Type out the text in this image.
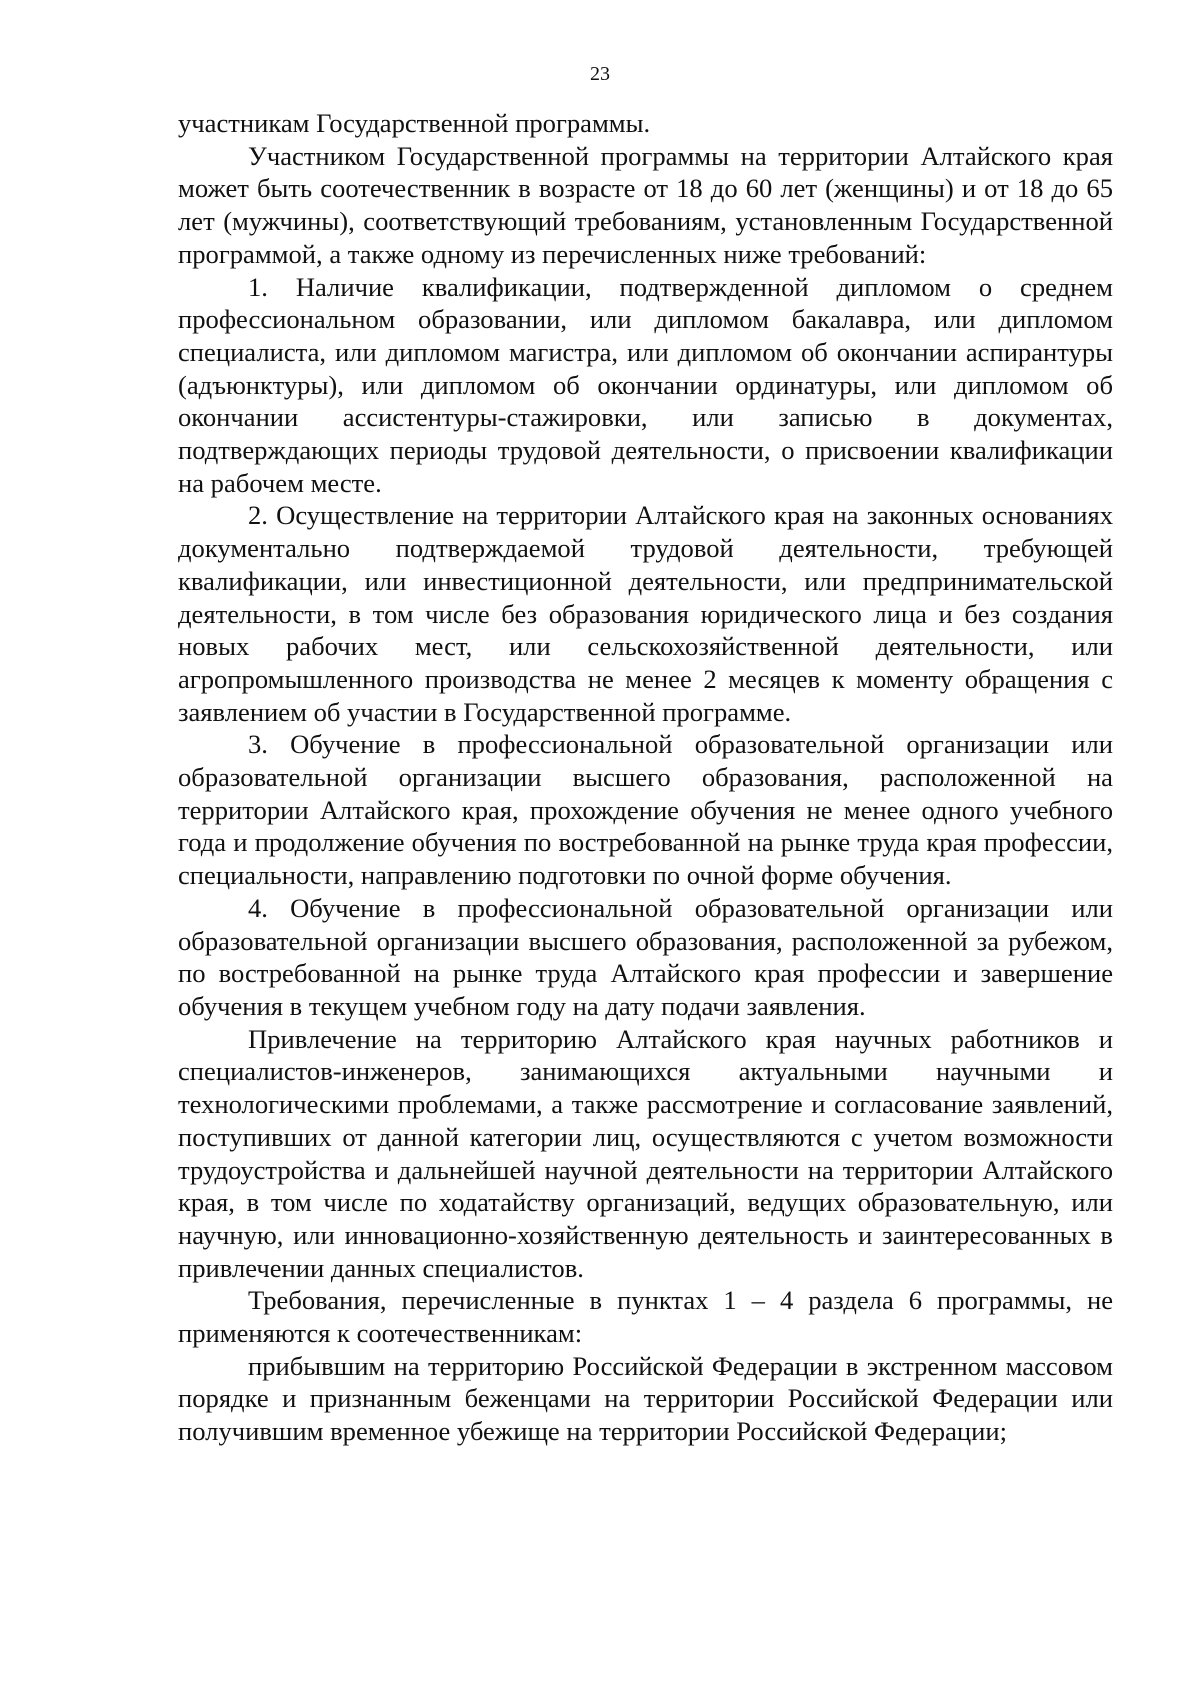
23

участникам Государственной программы.

Участником Государственной программы на территории Алтайского края может быть соотечественник в возрасте от 18 до 60 лет (женщины) и от 18 до 65 лет (мужчины), соответствующий требованиям, установленным Государственной программой, а также одному из перечисленных ниже требований:

1. Наличие квалификации, подтвержденной дипломом о среднем профессиональном образовании, или дипломом бакалавра, или дипломом специалиста, или дипломом магистра, или дипломом об окончании аспирантуры (адъюнктуры), или дипломом об окончании ординатуры, или дипломом об окончании ассистентуры-стажировки, или записью в документах, подтверждающих периоды трудовой деятельности, о присвоении квалификации на рабочем месте.

2. Осуществление на территории Алтайского края на законных основаниях документально подтверждаемой трудовой деятельности, требующей квалификации, или инвестиционной деятельности, или предпринимательской деятельности, в том числе без образования юридического лица и без создания новых рабочих мест, или сельскохозяйственной деятельности, или агропромышленного производства не менее 2 месяцев к моменту обращения с заявлением об участии в Государственной программе.

3. Обучение в профессиональной образовательной организации или образовательной организации высшего образования, расположенной на территории Алтайского края, прохождение обучения не менее одного учебного года и продолжение обучения по востребованной на рынке труда края профессии, специальности, направлению подготовки по очной форме обучения.

4. Обучение в профессиональной образовательной организации или образовательной организации высшего образования, расположенной за рубежом, по востребованной на рынке труда Алтайского края профессии и завершение обучения в текущем учебном году на дату подачи заявления.

Привлечение на территорию Алтайского края научных работников и специалистов-инженеров, занимающихся актуальными научными и технологическими проблемами, а также рассмотрение и согласование заявлений, поступивших от данной категории лиц, осуществляются с учетом возможности трудоустройства и дальнейшей научной деятельности на территории Алтайского края, в том числе по ходатайству организаций, ведущих образовательную, или научную, или инновационно-хозяйственную деятельность и заинтересованных в привлечении данных специалистов.

Требования, перечисленные в пунктах 1 – 4 раздела 6 программы, не применяются к соотечественникам:

прибывшим на территорию Российской Федерации в экстренном массовом порядке и признанным беженцами на территории Российской Федерации или получившим временное убежище на территории Российской Федерации;
